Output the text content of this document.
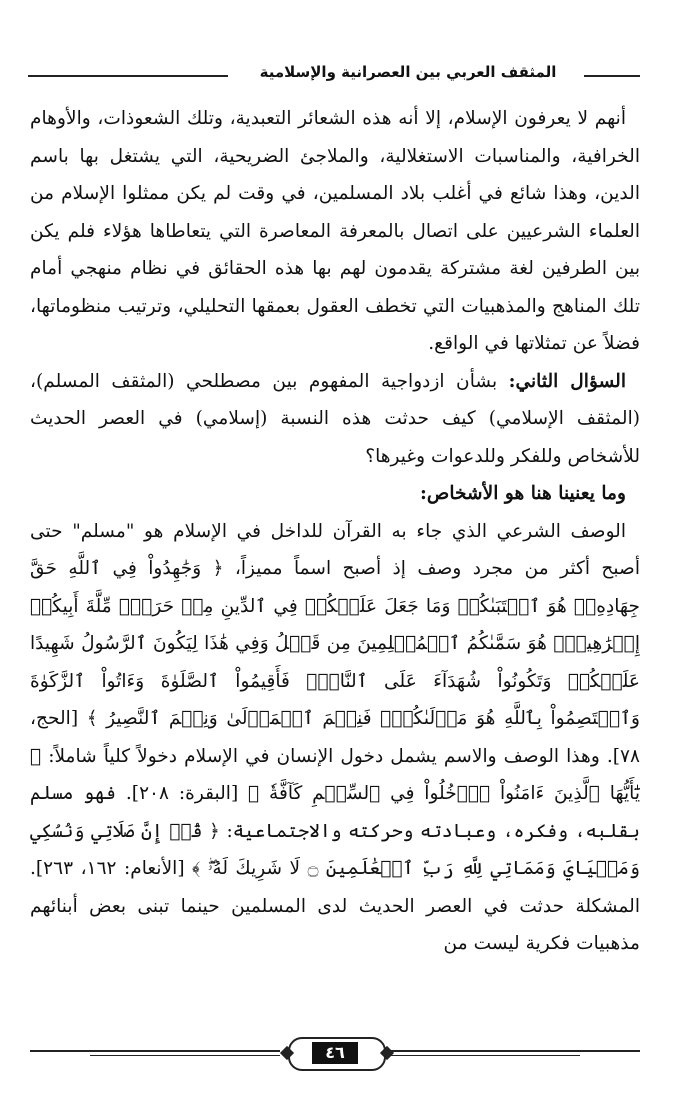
المثقف العربي بين العصرانية والإسلامية

أنهم لا يعرفون الإسلام، إلا أنه هذه الشعائر التعبدية، وتلك الشعوذات، والأوهام الخرافية، والمناسبات الاستغلالية، والملاجئ الضريحية، التي يشتغل بها باسم الدين، وهذا شائع في أغلب بلاد المسلمين، في وقت لم يكن ممثلوا الإسلام من العلماء الشرعيين على اتصال بالمعرفة المعاصرة التي يتعاطاها هؤلاء فلم يكن بين الطرفين لغة مشتركة يقدمون لهم بها هذه الحقائق في نظام منهجي أمام تلك المناهج والمذهبيات التي تخطف العقول بعمقها التحليلي، وترتيب منظوماتها، فضلاً عن تمثلاتها في الواقع.

السؤال الثاني: بشأن ازدواجية المفهوم بين مصطلحي (المثقف المسلم)، (المثقف الإسلامي) كيف حدثت هذه النسبة (إسلامي) في العصر الحديث للأشخاص وللفكر وللدعوات وغيرها؟

وما يعنينا هنا هو الأشخاص:

الوصف الشرعي الذي جاء به القرآن للداخل في الإسلام هو "مسلم" حتى أصبح أكثر من مجرد وصف إذ أصبح اسماً مميزاً، ﴿ وَجَٰهِدُواْ فِي ٱللَّهِ حَقَّ جِهَادِهِۦۚ هُوَ ٱجۡتَبَىٰكُمۡ وَمَا جَعَلَ عَلَيۡكُمۡ فِي ٱلدِّينِ مِنۡ حَرَجٖۚ مِّلَّةَ أَبِيكُمۡ إِبۡرَٰهِيمَۚ هُوَ سَمَّىٰكُمُ ٱلۡمُسۡلِمِينَ مِن قَبۡلُ وَفِي هَٰذَا لِيَكُونَ ٱلرَّسُولُ شَهِيدًا عَلَيۡكُمۡ وَتَكُونُواْ شُهَدَآءَ عَلَى ٱلنَّاسِۚ فَأَقِيمُواْ ٱلصَّلَوٰةَ وَءَاتُواْ ٱلزَّكَوٰةَ وَٱعۡتَصِمُواْ بِٱللَّهِ هُوَ مَوۡلَىٰكُمۡۖ فَنِعۡمَ ٱلۡمَوۡلَىٰ وَنِعۡمَ ٱلنَّصِيرُ ﴾ [الحج، ٧٨]. وهذا الوصف والاسم يشمل دخول الإنسان في الإسلام دخولاً كلياً شاملاً: ﴿ يَٰٓأَيُّهَا ٱلَّذِينَ ءَامَنُواْ ٱدۡخُلُواْ فِي ٱلسِّلۡمِ كَآفَّةٗ ﴾ [البقرة: ٢٠٨]. فهو مسلم بقلبه، وفكره، وعبادته وحركته والاجتماعية: ﴿ قُلۡ إِنَّ صَلَاتِي وَنُسُكِي وَمَحۡيَايَ وَمَمَاتِي لِلَّهِ رَبِّ ٱلۡعَٰلَمِينَ ۝ لَا شَرِيكَ لَهُۥۖ ﴾ [الأنعام: ١٦٢، ٢٦٣]. المشكلة حدثت في العصر الحديث لدى المسلمين حينما تبنى بعض أبنائهم مذهبيات فكرية ليست من

٤٦
